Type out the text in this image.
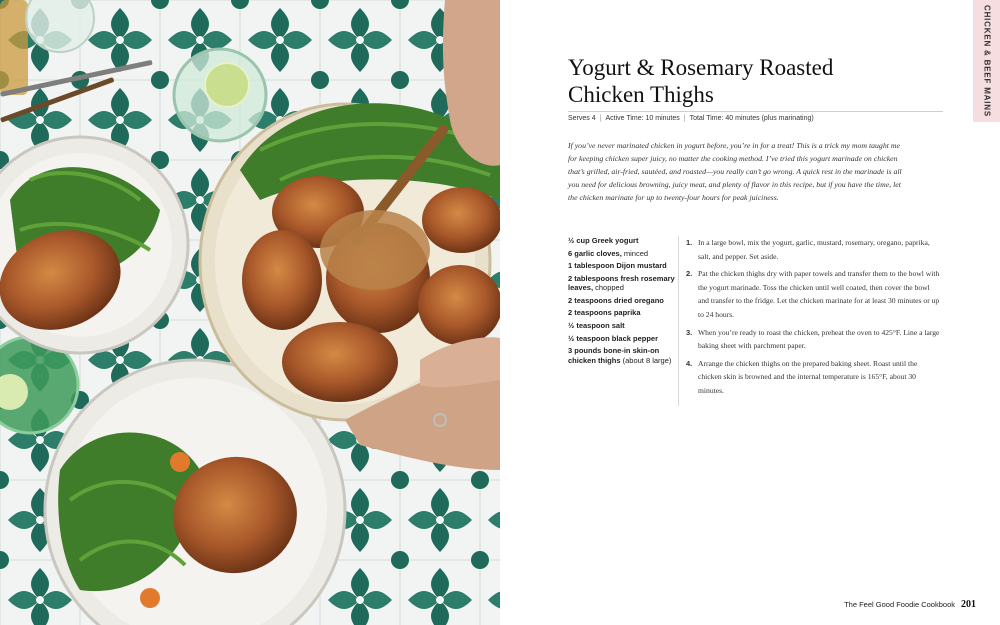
CHICKEN & BEEF MAINS
Yogurt & Rosemary Roasted Chicken Thighs
Serves 4 | Active Time: 10 minutes | Total Time: 40 minutes (plus marinating)

If you’ve never marinated chicken in yogurt before, you’re in for a treat! This is a trick my mom taught me for keeping chicken super juicy, no matter the cooking method. I’ve tried this yogurt marinade on chicken that’s grilled, air-fried, sautéed, and roasted—you really can’t go wrong. A quick rest in the marinade is all you need for delicious browning, juicy meat, and plenty of flavor in this recipe, but if you have the time, let the chicken marinate for up to twenty-four hours for peak juiciness.

½ cup Greek yogurt
6 garlic cloves, minced
1 tablespoon Dijon mustard
2 tablespoons fresh rosemary leaves, chopped
2 teaspoons dried oregano
2 teaspoons paprika
½ teaspoon salt
½ teaspoon black pepper
3 pounds bone-in skin-on chicken thighs (about 8 large)
1. In a large bowl, mix the yogurt, garlic, mustard, rosemary, oregano, paprika, salt, and pepper. Set aside.
2. Pat the chicken thighs dry with paper towels and transfer them to the bowl with the yogurt marinade. Toss the chicken until well coated, then cover the bowl and transfer to the fridge. Let the chicken marinate for at least 30 minutes or up to 24 hours.
3. When you’re ready to roast the chicken, preheat the oven to 425°F. Line a large baking sheet with parchment paper.
4. Arrange the chicken thighs on the prepared baking sheet. Roast until the chicken skin is browned and the internal temperature is 165°F, about 30 minutes.
The Feel Good Foodie Cookbook 201
